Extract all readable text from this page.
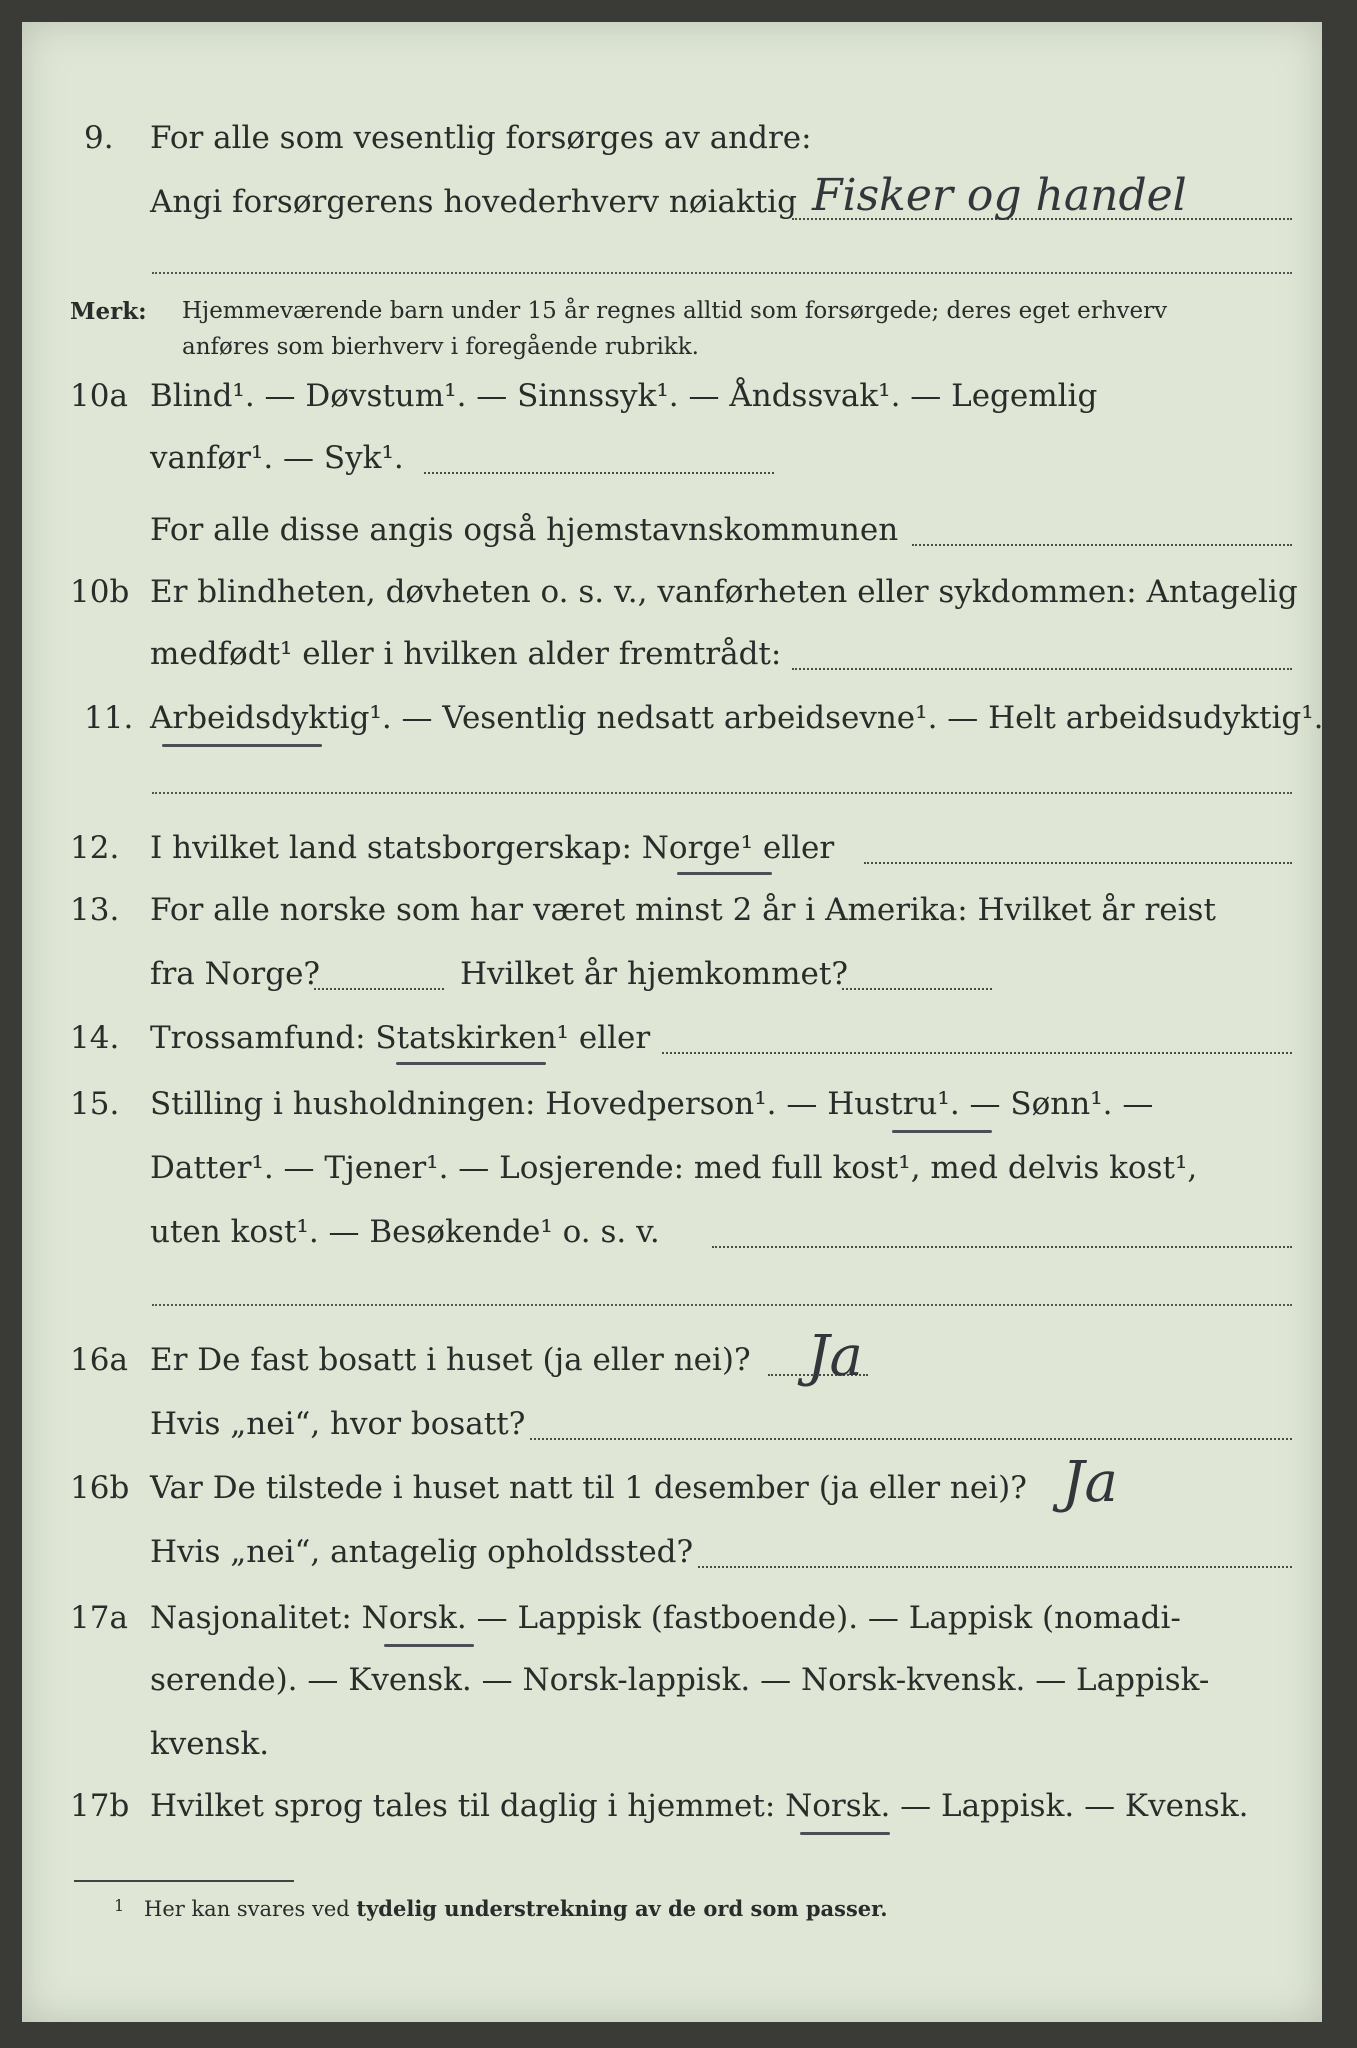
9. For alle som vesentlig forsørges av andre:
Angi forsørgerens hovederhverv nøiaktig Fisker og handel
Merk: Hjemmeværende barn under 15 år regnes alltid som forsørgede; deres eget erhverv
anføres som bierhverv i foregående rubrikk.
10a Blind¹. — Døvstum¹. — Sinnssyk¹. — Åndssvak¹. — Legemlig
vanfør¹. — Syk¹.
For alle disse angis også hjemstavnskommunen
10b Er blindheten, døvheten o. s. v., vanførheten eller sykdommen: Antagelig
medfødt¹ eller i hvilken alder fremtrådt:
11. Arbeidsdyktig¹. — Vesentlig nedsatt arbeidsevne¹. — Helt arbeidsudyktig¹.
12. I hvilket land statsborgerskap: Norge¹ eller
13. For alle norske som har været minst 2 år i Amerika: Hvilket år reist
fra Norge?	Hvilket år hjemkommet?
14. Trossamfund: Statskirken¹ eller
15. Stilling i husholdningen: Hovedperson¹. — Hustru¹. — Sønn¹. —
Datter¹. — Tjener¹. — Losjerende: med full kost¹, med delvis kost¹,
uten kost¹. — Besøkende¹ o. s. v.
16a Er De fast bosatt i huset (ja eller nei)? Ja
Hvis „nei“, hvor bosatt?
16b Var De tilstede i huset natt til 1 desember (ja eller nei)? Ja
Hvis „nei“, antagelig opholdssted?
17a Nasjonalitet: Norsk. — Lappisk (fastboende). — Lappisk (nomadi-
serende). — Kvensk. — Norsk-lappisk. — Norsk-kvensk. — Lappisk-
kvensk.
17b Hvilket sprog tales til daglig i hjemmet: Norsk. — Lappisk. — Kvensk.
1 Her kan svares ved tydelig understrekning av de ord som passer.
